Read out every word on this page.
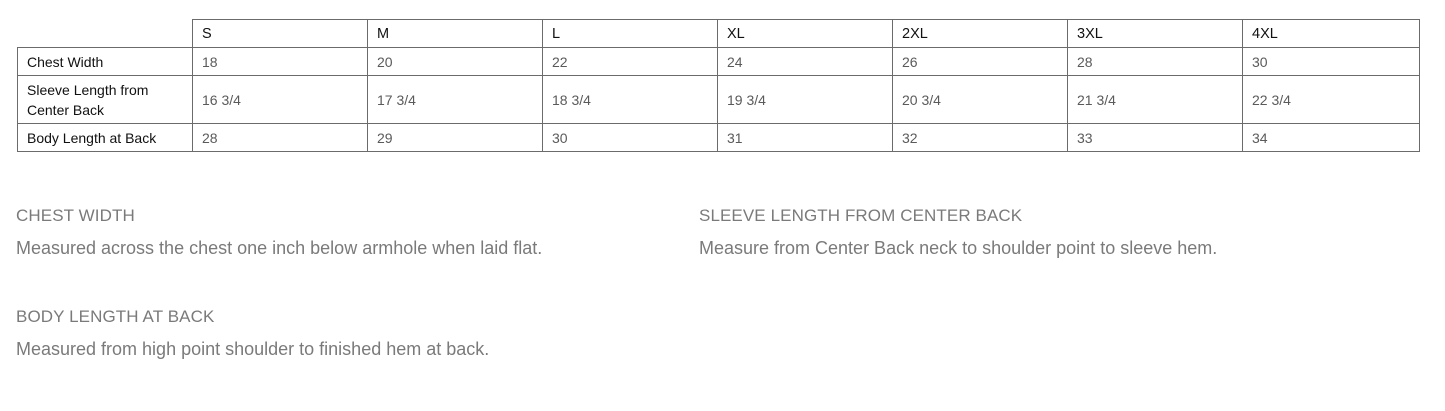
	S	M	L	XL	2XL	3XL	4XL
Chest Width	18	20	22	24	26	28	30
Sleeve Length from
Center Back	16 3/4	17 3/4	18 3/4	19 3/4	20 3/4	21 3/4	22 3/4
Body Length at Back	28	29	30	31	32	33	34
CHEST WIDTH
Measured across the chest one inch below armhole when laid flat.
SLEEVE LENGTH FROM CENTER BACK
Measure from Center Back neck to shoulder point to sleeve hem.
BODY LENGTH AT BACK
Measured from high point shoulder to finished hem at back.
